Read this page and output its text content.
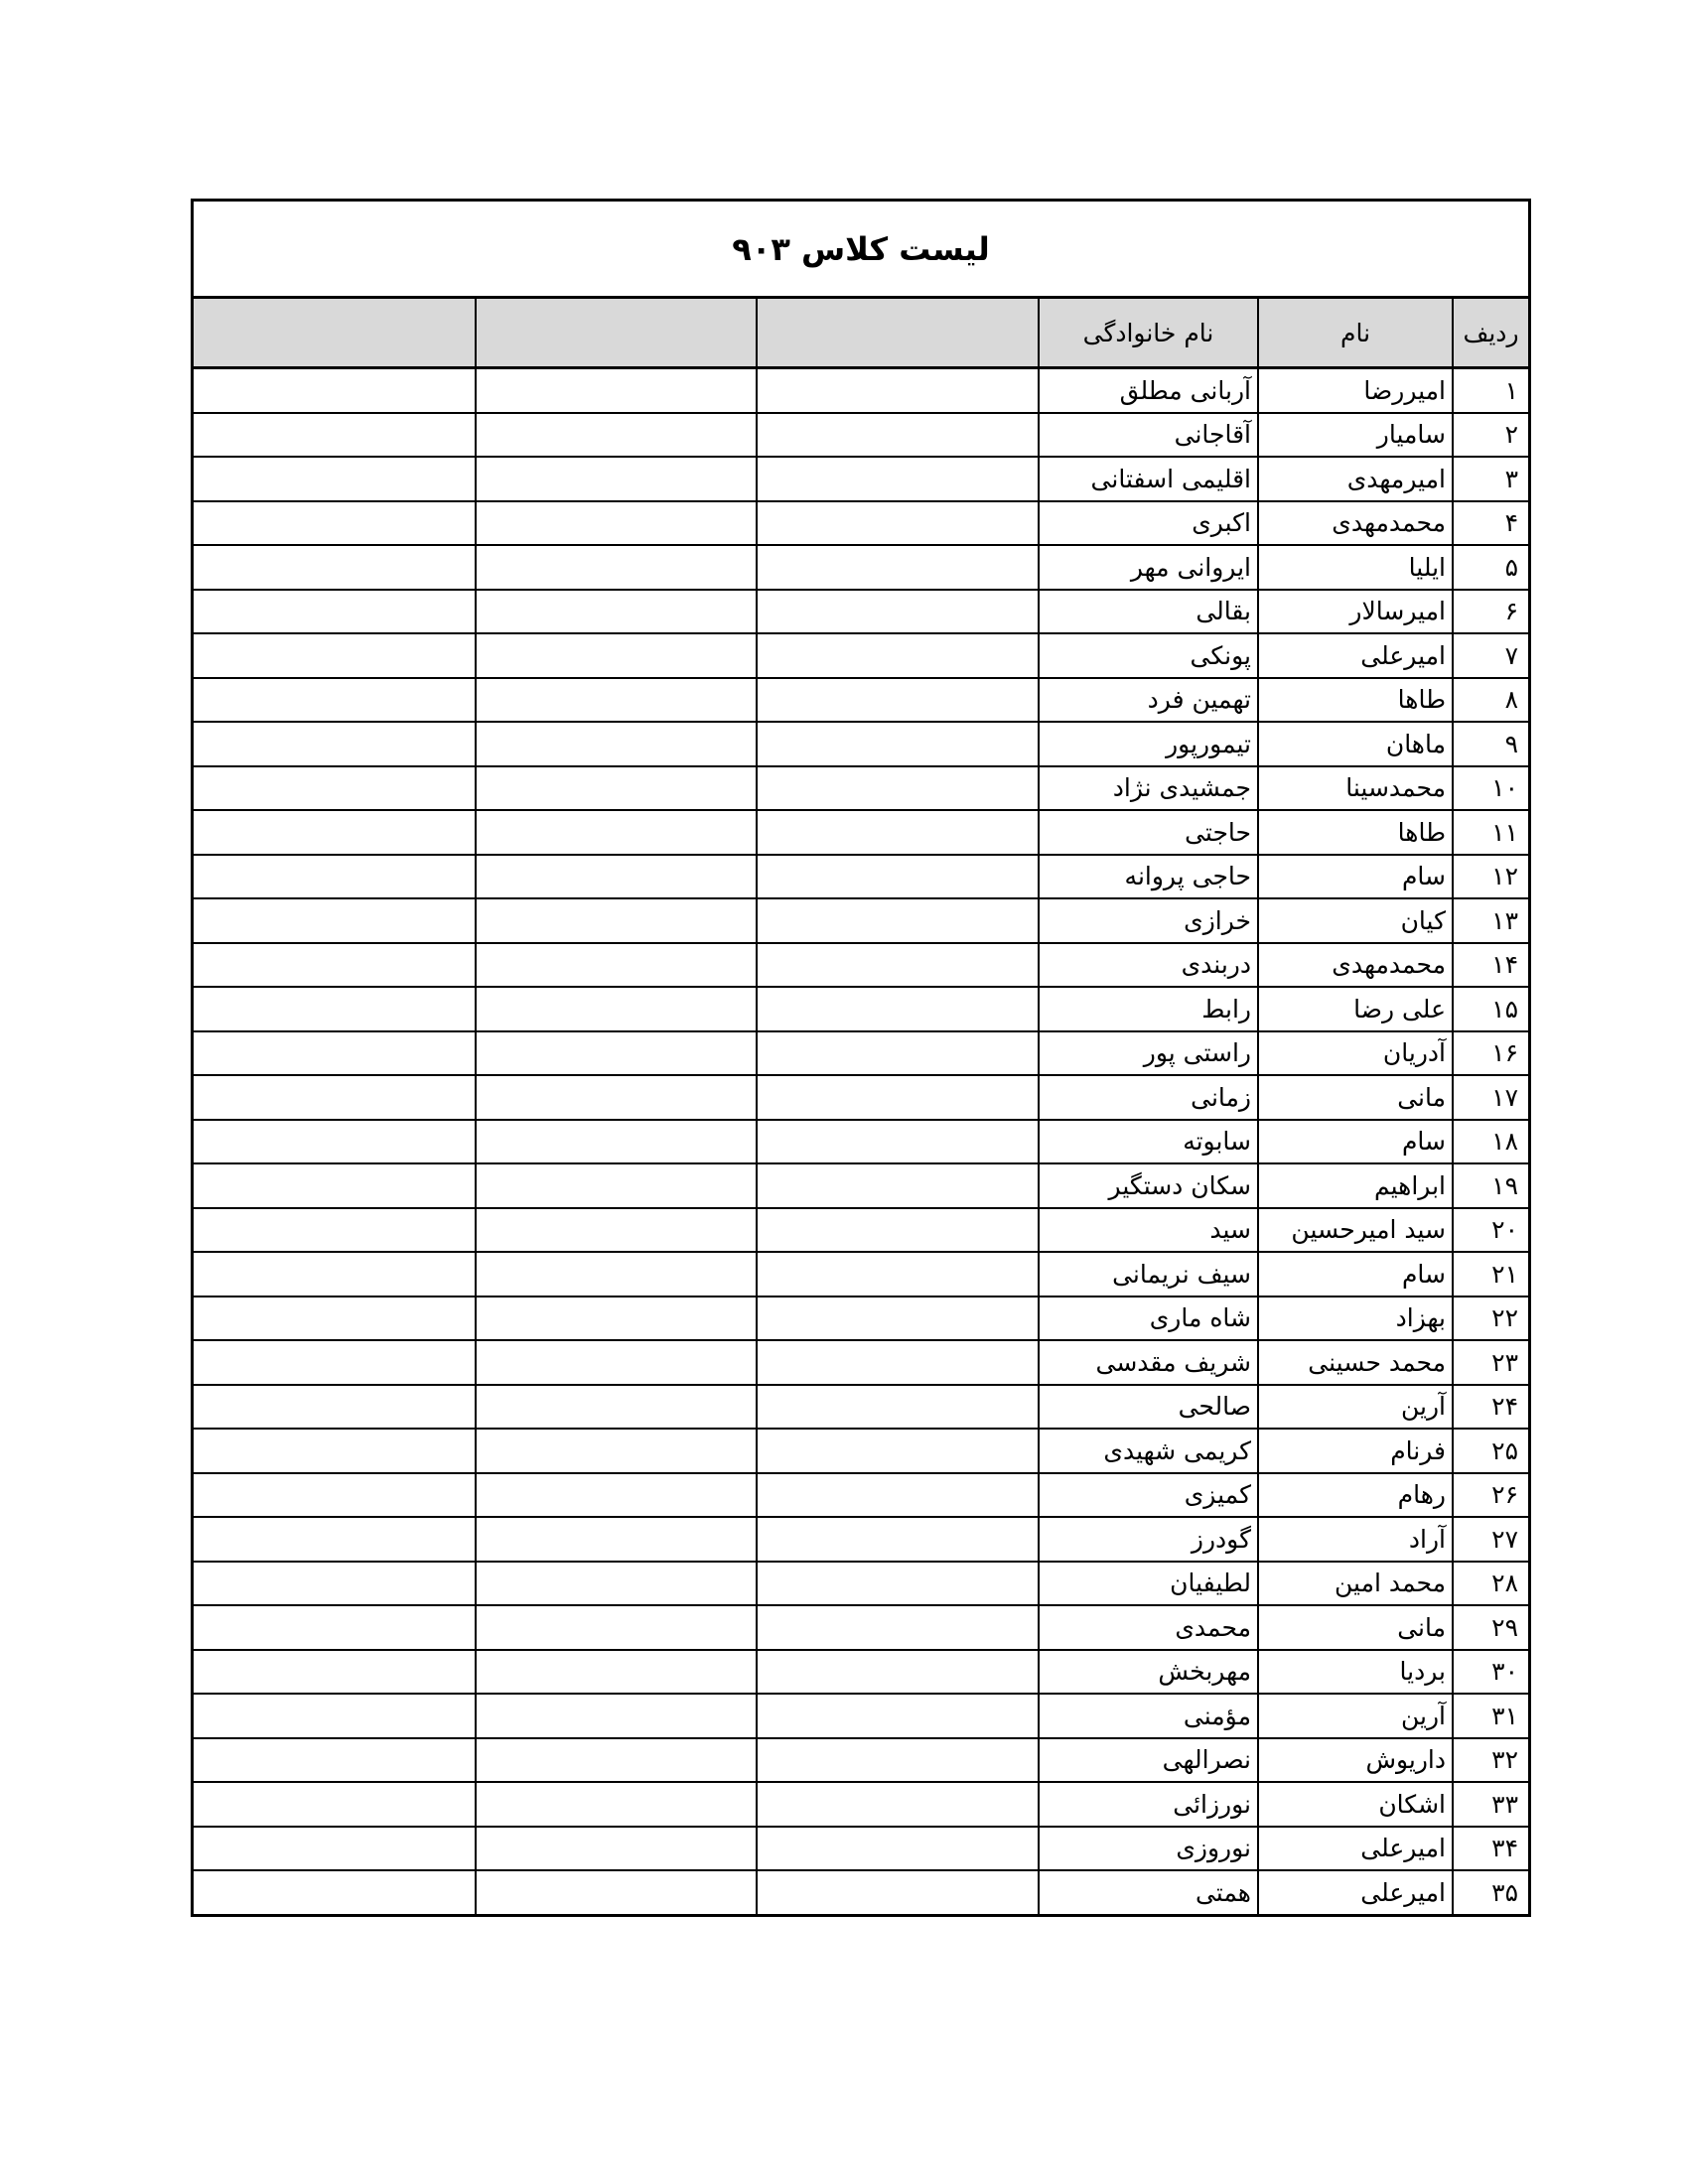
لیست کلاس ۹۰۳
ردیف	نام	نام خانوادگی			
۱	امیررضا	آربانی مطلق			
۲	سامیار	آقاجانی			
۳	امیرمهدی	اقلیمی اسفتانی			
۴	محمدمهدی	اکبری			
۵	ایلیا	ایروانی مهر			
۶	امیرسالار	بقالی			
۷	امیرعلی	پونکی			
۸	طاها	تهمین فرد			
۹	ماهان	تیمورپور			
۱۰	محمدسینا	جمشیدی نژاد			
۱۱	طاها	حاجتی			
۱۲	سام	حاجی پروانه			
۱۳	کیان	خرازی			
۱۴	محمدمهدی	دربندی			
۱۵	علی رضا	رابط			
۱۶	آدریان	راستی پور			
۱۷	مانی	زمانی			
۱۸	سام	سابوته			
۱۹	ابراهیم	سکان دستگیر			
۲۰	سید امیرحسین	سید			
۲۱	سام	سیف نریمانی			
۲۲	بهزاد	شاه ماری			
۲۳	محمد حسینی	شریف مقدسی			
۲۴	آرین	صالحی			
۲۵	فرنام	کریمی شهیدی			
۲۶	رهام	کمیزی			
۲۷	آراد	گودرز			
۲۸	محمد امین	لطیفیان			
۲۹	مانی	محمدی			
۳۰	بردیا	مهربخش			
۳۱	آرین	مؤمنی			
۳۲	داریوش	نصرالهی			
۳۳	اشکان	نورزائی			
۳۴	امیرعلی	نوروزی			
۳۵	امیرعلی	همتی			
